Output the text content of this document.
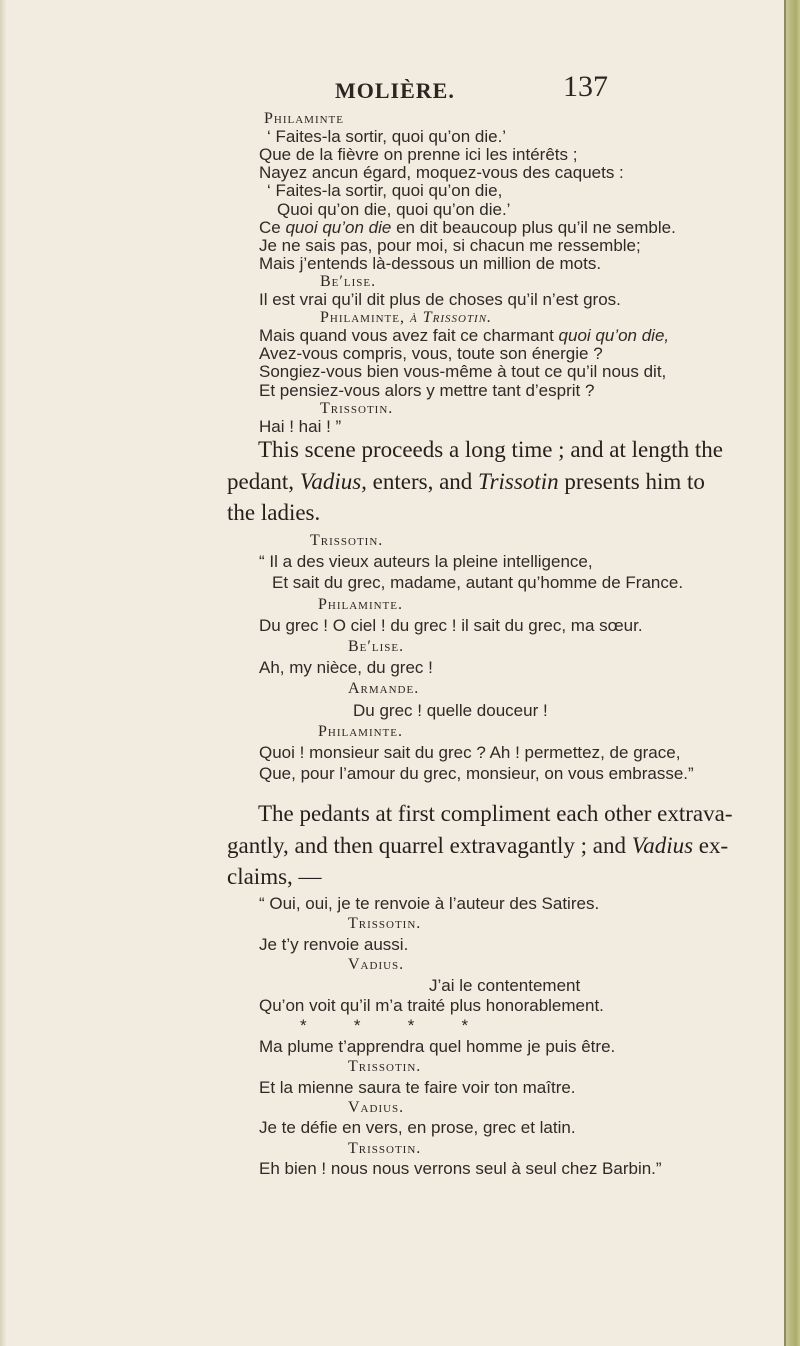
MOLIÈRE.	137
Philaminte
‘ Faites-la sortir, quoi qu’on die.’
Que de la fièvre on prenne ici les intérêts ;
Nayez ancun égard, moquez-vous des caquets :
‘ Faites-la sortir, quoi qu’on die,
Quoi qu’on die, quoi qu’on die.’
Ce quoi qu’on die en dit beaucoup plus qu’il ne semble.
Je ne sais pas, pour moi, si chacun me ressemble;
Mais j’entends là-dessous un million de mots.
Be′lise.
Il est vrai qu’il dit plus de choses qu’il n’est gros.
Philaminte, à Trissotin.
Mais quand vous avez fait ce charmant quoi qu’on die,
Avez-vous compris, vous, toute son énergie ?
Songiez-vous bien vous-même à tout ce qu’il nous dit,
Et pensiez-vous alors y mettre tant d’esprit ?
Trissotin.
Hai ! hai ! ”
This scene proceeds a long time ; and at length the
pedant, Vadius, enters, and Trissotin presents him to
the ladies.
Trissotin.
“ Il a des vieux auteurs la pleine intelligence,
Et sait du grec, madame, autant qu’homme de France.
Philaminte.
Du grec ! O ciel ! du grec ! il sait du grec, ma sœur.
Be′lise.
Ah, my nièce, du grec !
Armande.
Du grec ! quelle douceur !
Philaminte.
Quoi ! monsieur sait du grec ? Ah ! permettez, de grace,
Que, pour l’amour du grec, monsieur, on vous embrasse.”
The pedants at first compliment each other extrava-
gantly, and then quarrel extravagantly ; and Vadius ex-
claims, —
“ Oui, oui, je te renvoie à l’auteur des Satires.
Trissotin.
Je t’y renvoie aussi.
Vadius.
J’ai le contentement
Qu’on voit qu’il m’a traité plus honorablement.
*          *          *          *
Ma plume t’apprendra quel homme je puis être.
Trissotin.
Et la mienne saura te faire voir ton maître.
Vadius.
Je te défie en vers, en prose, grec et latin.
Trissotin.
Eh bien ! nous nous verrons seul à seul chez Barbin.”
